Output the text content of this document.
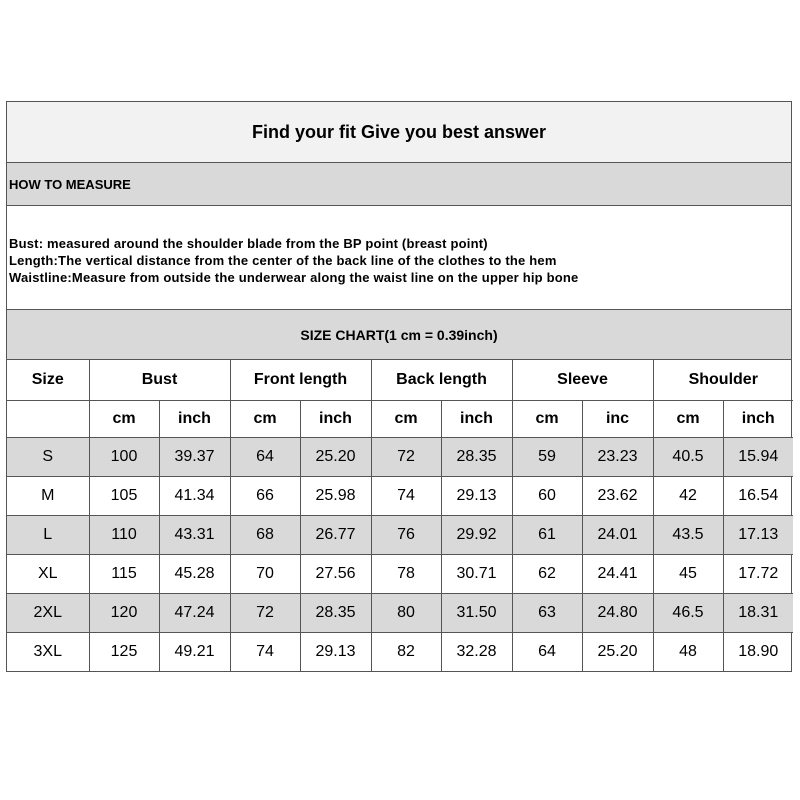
Find your fit Give you best answer
HOW TO MEASURE
Bust: measured around the shoulder blade from the BP point (breast point)
Length:The vertical distance from the center of the back line of the clothes to the hem
Waistline:Measure from outside the underwear along the waist line on the upper hip bone
SIZE CHART(1 cm = 0.39inch)
Size	Bust		Front length		Back length		Sleeve		Shoulder	
	cm	inch	cm	inch	cm	inch	cm	inc	cm	inch
S	100	39.37	64	25.20	72	28.35	59	23.23	40.5	15.94
M	105	41.34	66	25.98	74	29.13	60	23.62	42	16.54
L	110	43.31	68	26.77	76	29.92	61	24.01	43.5	17.13
XL	115	45.28	70	27.56	78	30.71	62	24.41	45	17.72
2XL	120	47.24	72	28.35	80	31.50	63	24.80	46.5	18.31
3XL	125	49.21	74	29.13	82	32.28	64	25.20	48	18.90
